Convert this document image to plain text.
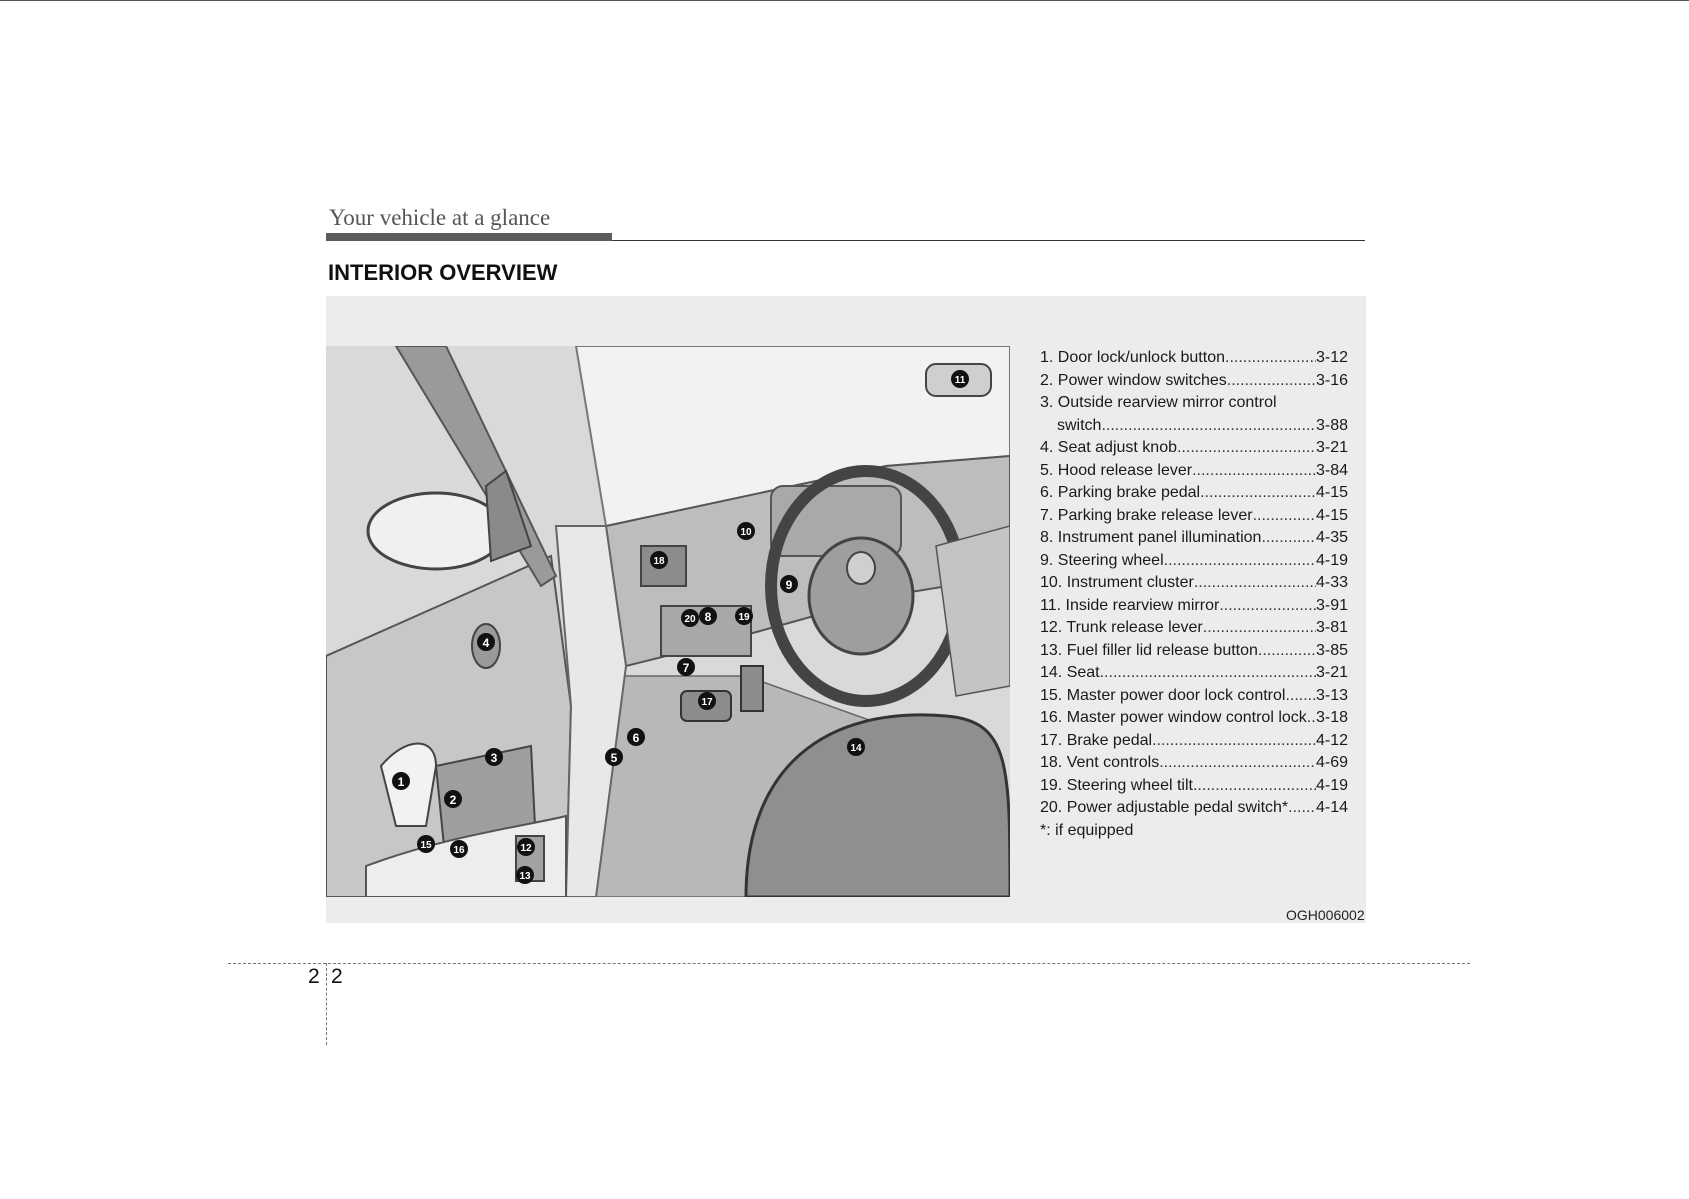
Your vehicle at a glance
INTERIOR OVERVIEW
1
2
3
4
5
6
7
8
9
10
11
12
13
14
15 16
17
18
19
20
1. Door lock/unlock button .....	3-12
2. Power window switches .....	3-16
3. Outside rearview mirror control
switch .....	3-88
4. Seat adjust knob .....	3-21
5. Hood release lever .....	3-84
6. Parking brake pedal .....	4-15
7. Parking brake release lever .....	4-15
8. Instrument panel illumination .....	4-35
9. Steering wheel .....	4-19
10. Instrument cluster .....	4-33
11. Inside rearview mirror .....	3-91
12. Trunk release lever .....	3-81
13. Fuel filler lid release button .....	3-85
14. Seat .....	3-21
15. Master power door lock control ..... 3-13
16. Master power window control lock ..... 3-18
17. Brake pedal .....	4-12
18. Vent controls .....	4-69
19. Steering wheel tilt .....	4-19
20. Power adjustable pedal switch* ..... 4-14
*: if equipped
OGH006002
2 2
